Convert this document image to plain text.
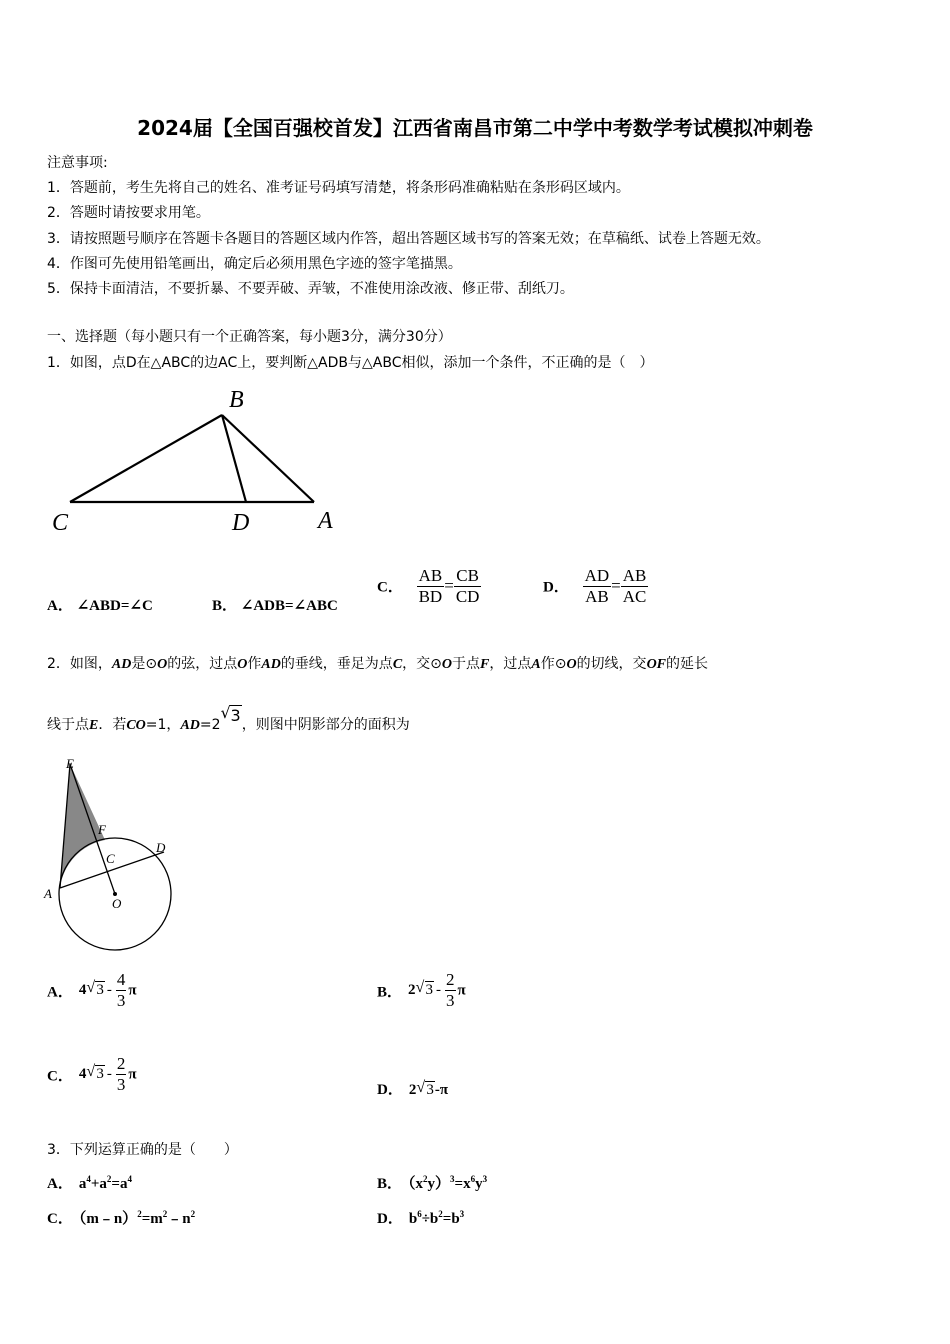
2024届【全国百强校首发】江西省南昌市第二中学中考数学考试模拟冲刺卷
注意事项:
1．答题前，考生先将自己的姓名、准考证号码填写清楚，将条形码准确粘贴在条形码区域内。
2．答题时请按要求用笔。
3．请按照题号顺序在答题卡各题目的答题区域内作答，超出答题区域书写的答案无效；在草稿纸、试卷上答题无效。
4．作图可先使用铅笔画出，确定后必须用黑色字迹的签字笔描黑。
5．保持卡面清洁，不要折暴、不要弄破、弄皱，不准使用涂改液、修正带、刮纸刀。
一、选择题（每小题只有一个正确答案，每小题3分，满分30分）
1．如图，点D在△ABC的边AC上，要判断△ADB与△ABC相似，添加一个条件，不正确的是（　）
B
C	D	A
A． ∠ABD=∠C	B． ∠ADB=∠ABC
C． $\frac{AB}{BD} = \frac{CB}{CD}$	D． $\frac{AD}{AB} = \frac{AB}{AC}$
2．如图，AD是⊙O的弦，过点O作AD的垂线，垂足为点C，交⊙O于点F，过点A作⊙O的切线，交OF的延长
线于点E．若CO=1，AD=2
√ 3，则图中阴影部分的面积为
E
F
C
D
A
O
A． 4 √ $3 - \frac{4}{3}$ π	B． 2 √ $3 - \frac{2}{3}$ π
C． 4 √ $3 - \frac{2}{3}$ π
D． 2 √ 3-π
3．下列运算正确的是（　　）
A． $a^4+a^2=a^4$	B． $(x^2y)^3=x^6y^3$
C． $(m﹣n)^2=m^2﹣n^2$	D． $b^6\div b^2=b^3$
